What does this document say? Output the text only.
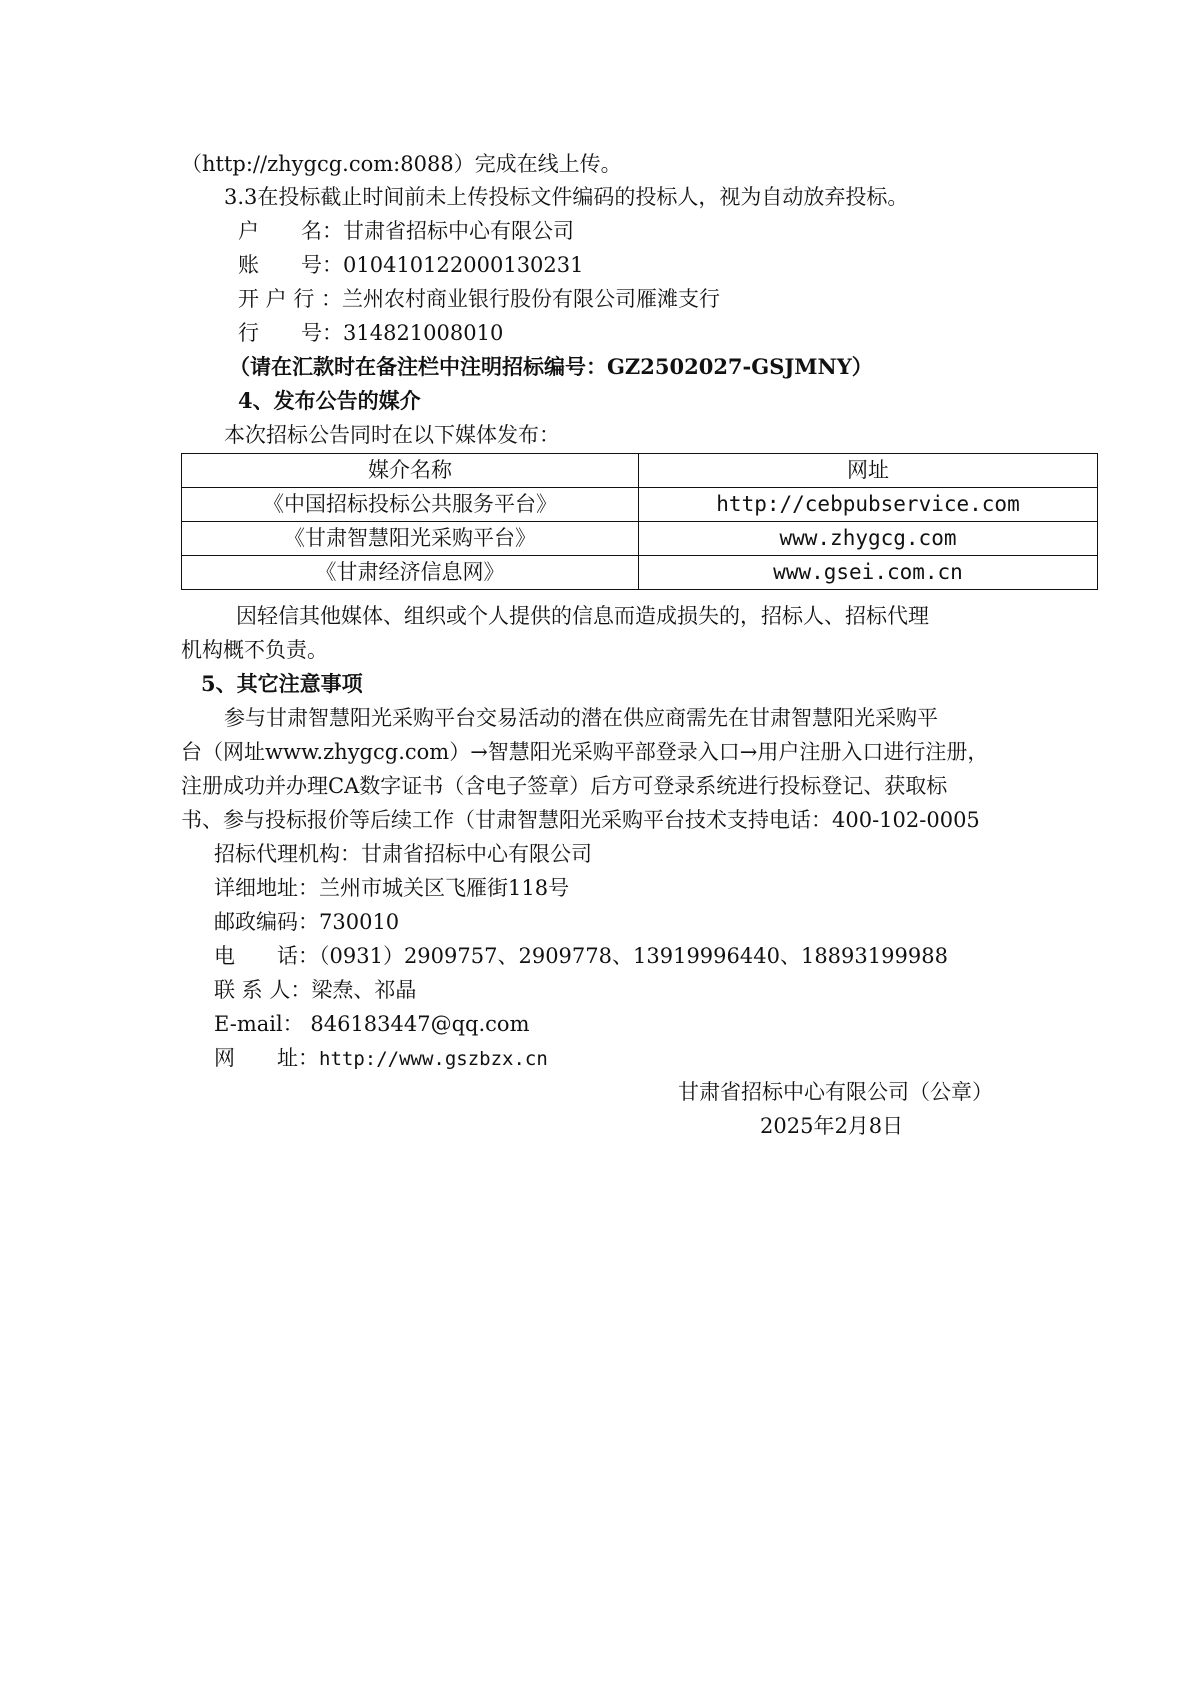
（http://zhygcg.com:8088）完成在线上传。
3.3在投标截止时间前未上传投标文件编码的投标人，视为自动放弃投标。
户　　名：甘肃省招标中心有限公司
账　　号：010410122000130231
开 户 行 ：兰州农村商业银行股份有限公司雁滩支行
行　　号：314821008010
（请在汇款时在备注栏中注明招标编号：GZ2502027-GSJMNY）
4、发布公告的媒介
本次招标公告同时在以下媒体发布：
媒介名称	网址
《中国招标投标公共服务平台》	http://cebpubservice.com
《甘肃智慧阳光采购平台》	www.zhygcg.com
《甘肃经济信息网》	www.gsei.com.cn
因轻信其他媒体、组织或个人提供的信息而造成损失的，招标人、招标代理
机构概不负责。
5、其它注意事项
参与甘肃智慧阳光采购平台交易活动的潜在供应商需先在甘肃智慧阳光采购平
台（网址www.zhygcg.com）→智慧阳光采购平部登录入口→用户注册入口进行注册，
注册成功并办理CA数字证书（含电子签章）后方可登录系统进行投标登记、获取标
书、参与投标报价等后续工作（甘肃智慧阳光采购平台技术支持电话：400-102-0005
招标代理机构：甘肃省招标中心有限公司
详细地址：兰州市城关区飞雁街118号
邮政编码：730010
电　　话：（0931）2909757、2909778、13919996440、18893199988
联 系 人：梁焘、祁晶
E-mail： 846183447@qq.com
网　　址：http://www.gszbzx.cn
甘肃省招标中心有限公司（公章）
2025年2月8日
